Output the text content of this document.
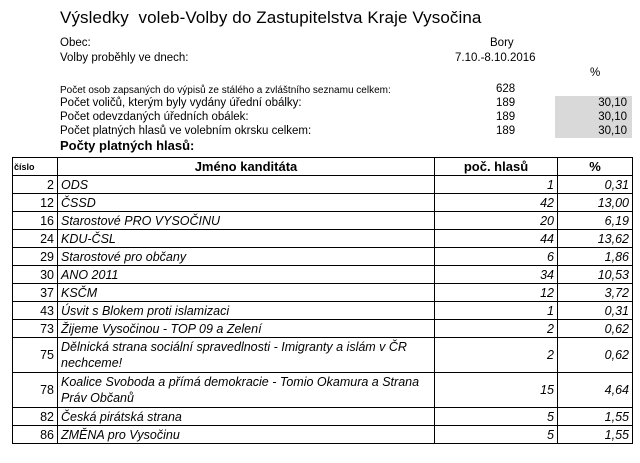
Výsledky  voleb-Volby do Zastupitelstva Kraje Vysočina
Obec:	Bory
Volby proběhly ve dnech:	7.10.-8.10.2016
%
Počet osob zapsaných do výpisů ze stálého a zvláštního seznamu celkem:	628
Počet voličů, kterým byly vydány úřední obálky:	189	30,10
Počet odevzdaných úředních obálek:	189	30,10
Počet platných hlasů ve volebním okrsku celkem:	189	30,10
Počty platných hlasů:
číslo	Jméno kanditáta	poč. hlasů	%
2	ODS	1	0,31
12	ČSSD	42	13,00
16	Starostové PRO VYSOČINU	20	6,19
24	KDU-ČSL	44	13,62
29	Starostové pro občany	6	1,86
30	ANO 2011	34	10,53
37	KSČM	12	3,72
43	Úsvit s Blokem proti islamizaci	1	0,31
73	Žijeme Vysočinou - TOP 09 a Zelení	2	0,62
75	Dělnická strana sociální spravedlnosti - Imigranty a islám v ČR nechceme!	2	0,62
78	Koalice Svoboda a přímá demokracie - Tomio Okamura a Strana Práv Občanů	15	4,64
82	Česká pirátská strana	5	1,55
86	ZMĚNA pro Vysočinu	5	1,55
